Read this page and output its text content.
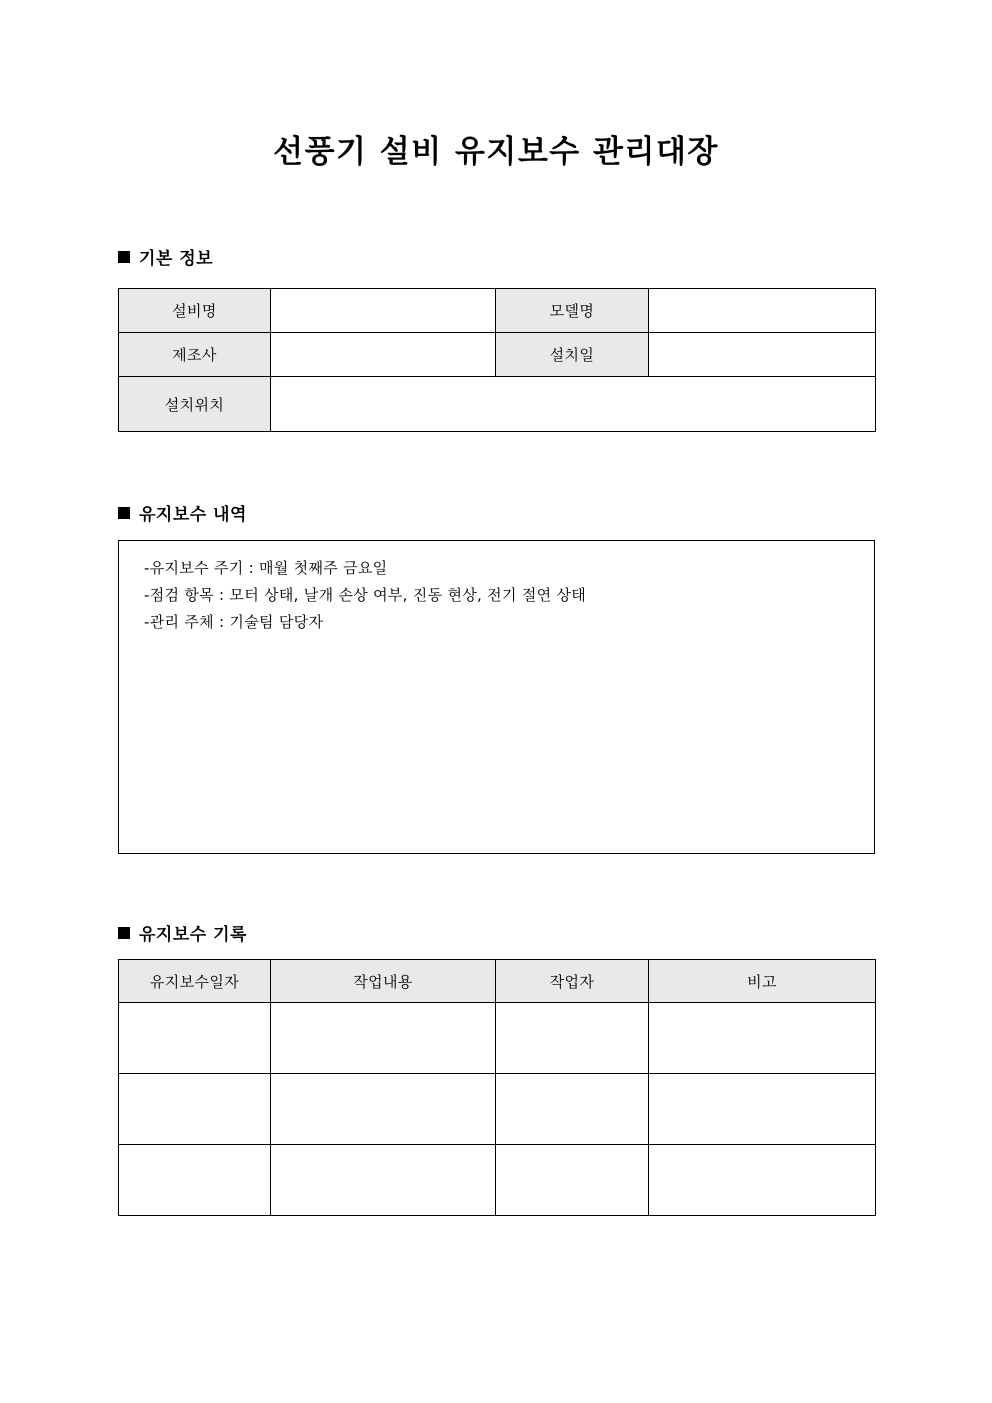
선풍기 설비 유지보수 관리대장
기본 정보
설비명		모델명	
제조사		설치일	
설치위치			
유지보수 내역
-유지보수 주기 : 매월 첫째주 금요일
-점검 항목 : 모터 상태, 날개 손상 여부, 진동 현상, 전기 절연 상태
-관리 주체 : 기술팀 담당자
유지보수 기록
유지보수일자	작업내용	작업자	비고
